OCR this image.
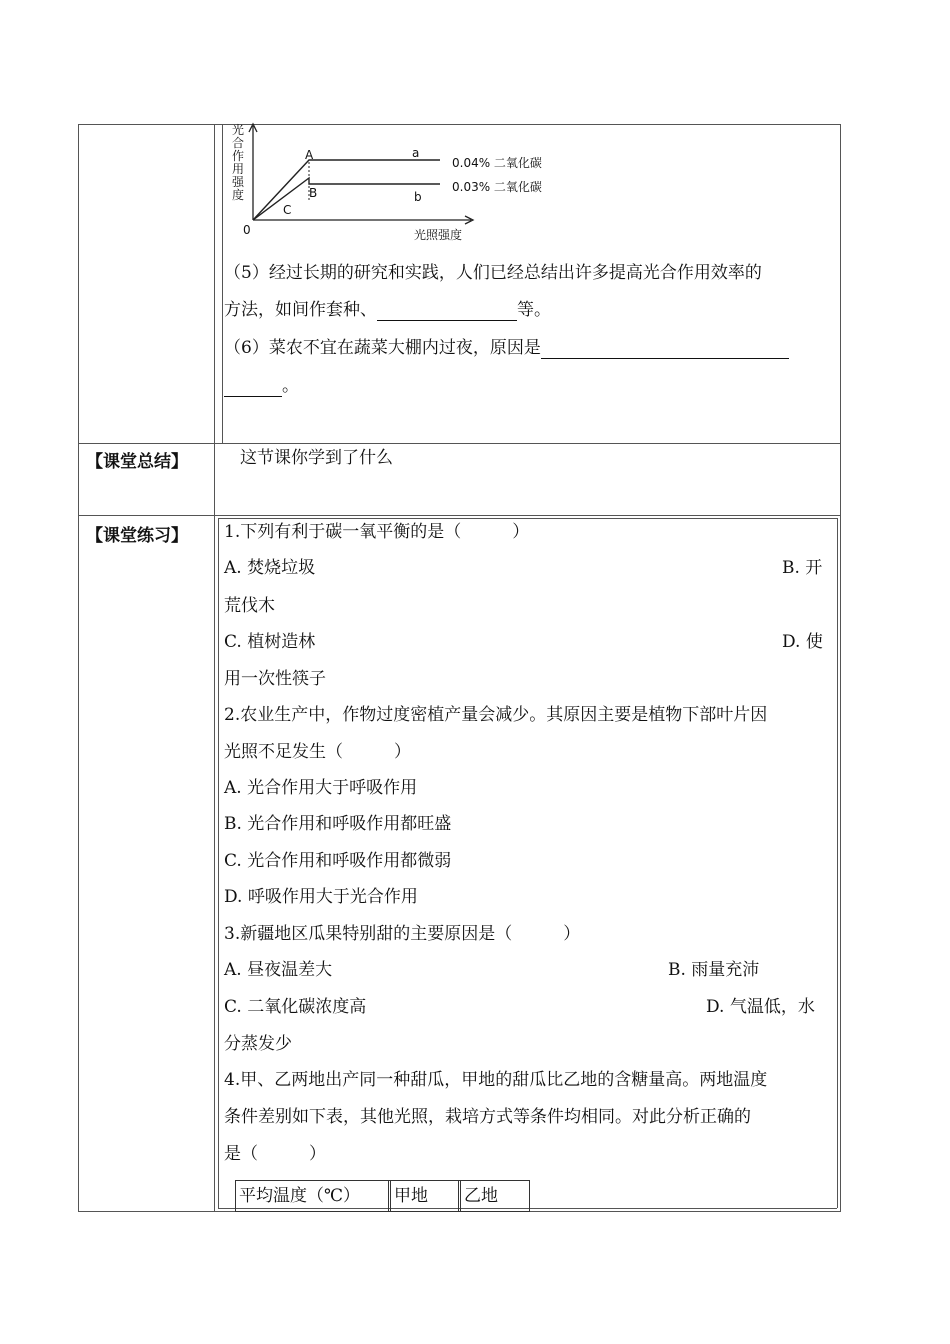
光
合
作
用
强
度
0	光照强度
A
B
C
a
b
0.04% 二氧化碳
0.03% 二氧化碳
（5）经过长期的研究和实践，人们已经总结出许多提高光合作用效率的
方法，如间作套种、	等。
（6）菜农不宜在蔬菜大棚内过夜，原因是
。
【课堂总结】	这节课你学到了什么
【课堂练习】 1.下列有利于碳一氧平衡的是（　　　）
A. 焚烧垃圾	B. 开
荒伐木
C. 植树造林	D. 使
用一次性筷子
2.农业生产中，作物过度密植产量会减少。其原因主要是植物下部叶片因
光照不足发生（　　　）
A. 光合作用大于呼吸作用
B. 光合作用和呼吸作用都旺盛
C. 光合作用和呼吸作用都微弱
D. 呼吸作用大于光合作用
3.新疆地区瓜果特别甜的主要原因是（　　　）
A. 昼夜温差大	B. 雨量充沛
C. 二氧化碳浓度高	D. 气温低，水
分蒸发少
4.甲、乙两地出产同一种甜瓜，甲地的甜瓜比乙地的含糖量高。两地温度
条件差别如下表，其他光照，栽培方式等条件均相同。对此分析正确的
是（　　　）
平均温度（℃） 甲地 乙地
